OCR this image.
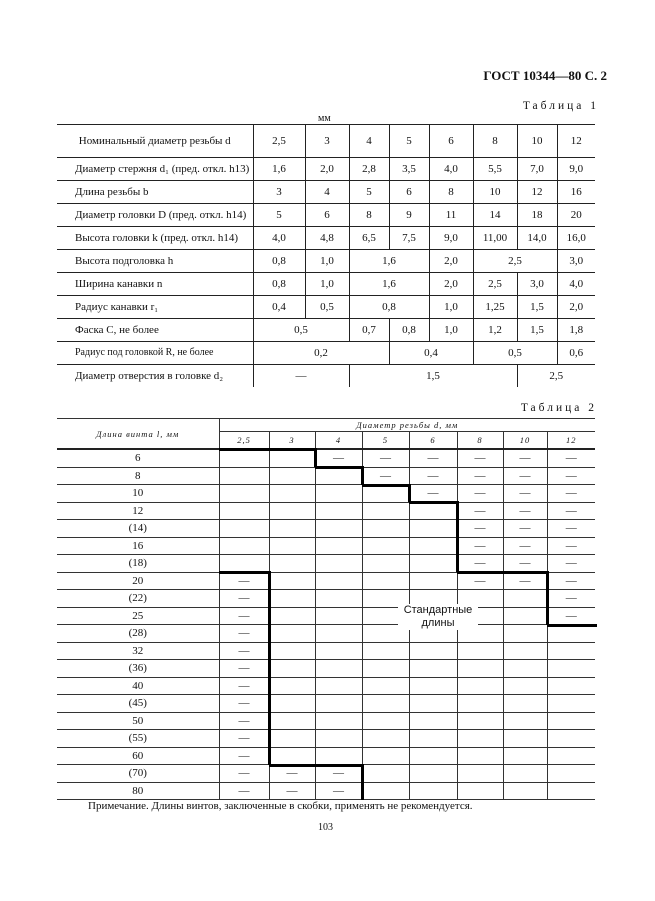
ГОСТ 10344—80 С. 2
Таблица 1
мм
Номинальный диаметр резьбы d	2,5	3	4	5	6	8	10	12
Диаметр стержня d₁ (пред. откл. h13)	1,6	2,0	2,8	3,5	4,0	5,5	7,0	9,0
Длина резьбы b	3	4	5	6	8	10	12	16
Диаметр головки D (пред. откл. h14)	5	6	8	9	11	14	18	20
Высота головки k (пред. откл. h14)	4,0	4,8	6,5	7,5	9,0	11,00	14,0	16,0
Высота подголовка h	0,8	1,0	1,6		2,0	2,5		3,0
Ширина канавки n	0,8	1,0	1,6		2,0	2,5	3,0	4,0
Радиус канавки r₁	0,4	0,5	0,8		1,0	1,25	1,5	2,0
Фаска C, не более	0,5		0,7	0,8	1,0	1,2	1,5	1,8
Радиус под головкой R, не более	0,2			0,4		0,5		0,6
Диаметр отверстия в головке d₂	—		1,5				2,5	
Таблица 2
Длина винта l, мм	Диаметр резьбы d, мм							
	2,5	3	4	5	6	8	10	12
6			—	—	—	—	—	—
8				—	—	—	—	—
10					—	—	—	—
12						—	—	—
(14)						—	—	—
16						—	—	—
(18)						—	—	—
20	—					—	—	—
(22)	—							—
25	—							—
(28)	—							
32	—							
(36)	—							
40	—							
(45)	—							
50	—							
(55)	—							
60	—							
(70)	—	—	—					
80	—	—	—					
Стандартные длины
Примечание. Длины винтов, заключенные в скобки, применять не рекомендуется.
103
